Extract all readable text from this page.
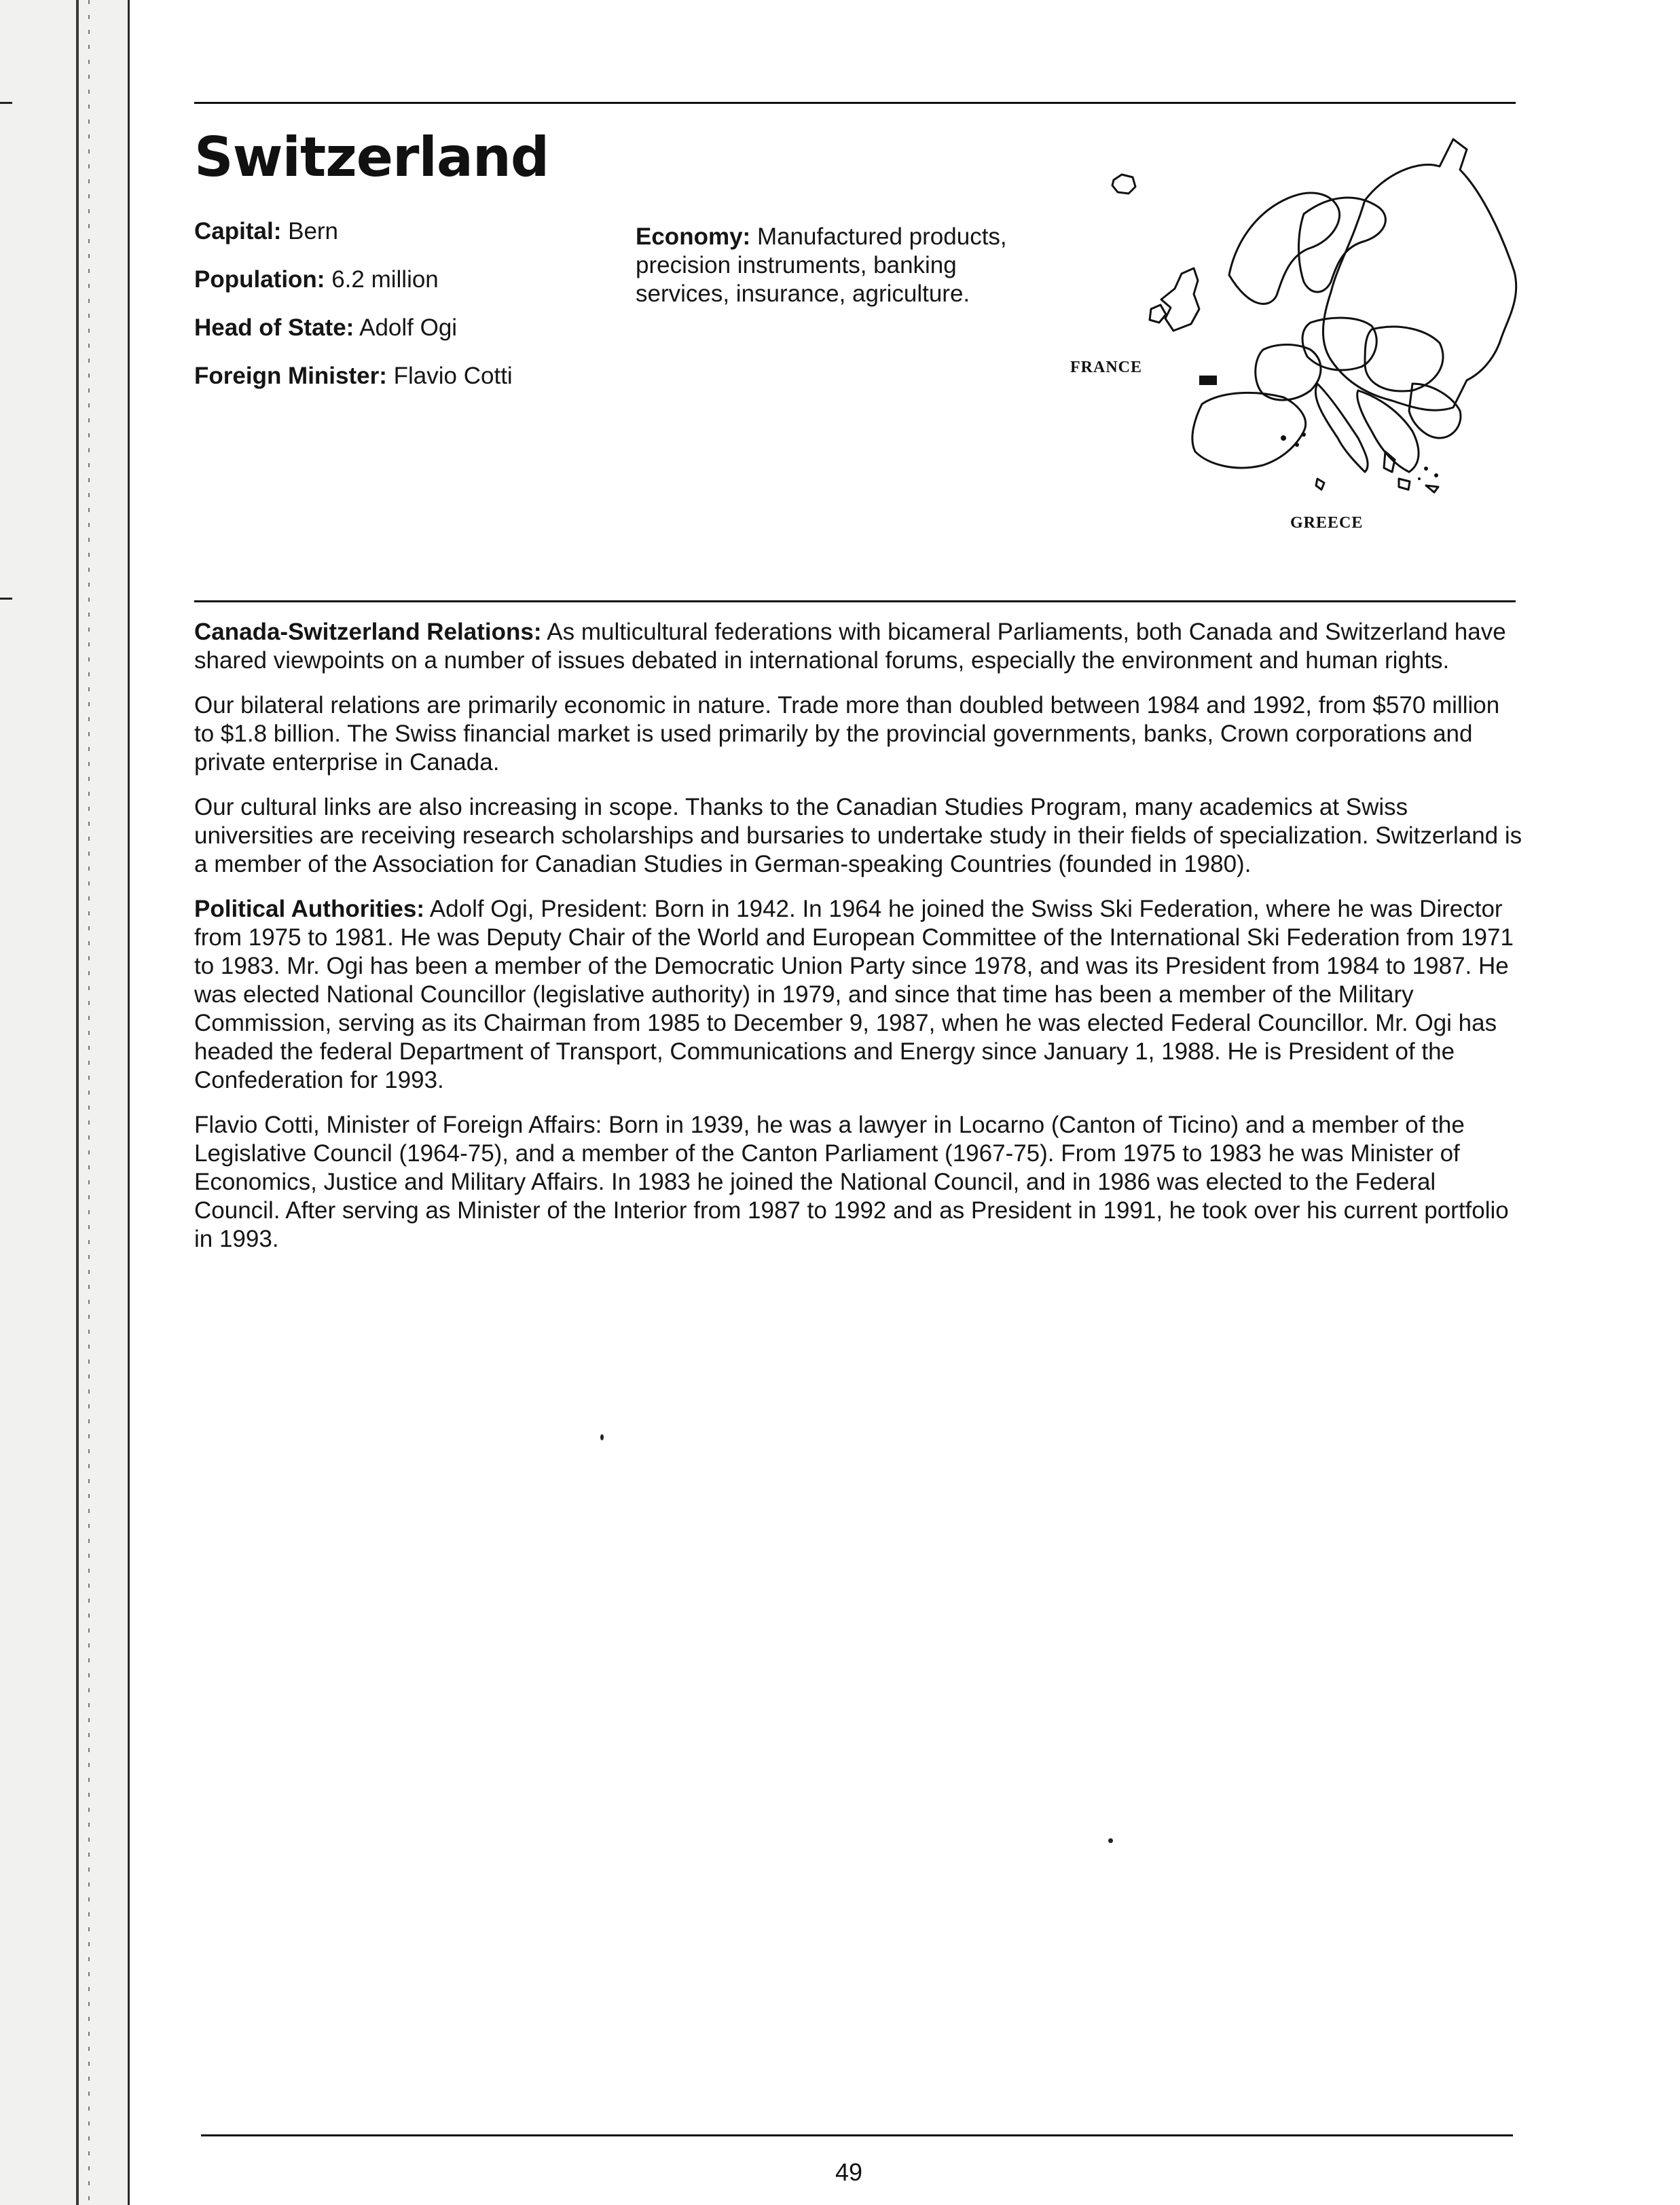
Switzerland

Capital: Bern

Population: 6.2 million

Head of State: Adolf Ogi

Foreign Minister: Flavio Cotti

Economy: Manufactured products, precision instruments, banking services, insurance, agriculture.

FRANCE
GREECE

Canada-Switzerland Relations: As multicultural federations with bicameral Parliaments, both Canada and Switzerland have shared viewpoints on a number of issues debated in international forums, especially the environment and human rights.

Our bilateral relations are primarily economic in nature. Trade more than doubled between 1984 and 1992, from $570 million to $1.8 billion. The Swiss financial market is used primarily by the provincial governments, banks, Crown corporations and private enterprise in Canada.

Our cultural links are also increasing in scope. Thanks to the Canadian Studies Program, many academics at Swiss universities are receiving research scholarships and bursaries to undertake study in their fields of specialization. Switzerland is a member of the Association for Canadian Studies in German-speaking Countries (founded in 1980).

Political Authorities: Adolf Ogi, President: Born in 1942. In 1964 he joined the Swiss Ski Federation, where he was Director from 1975 to 1981. He was Deputy Chair of the World and European Committee of the International Ski Federation from 1971 to 1983. Mr. Ogi has been a member of the Democratic Union Party since 1978, and was its President from 1984 to 1987. He was elected National Councillor (legislative authority) in 1979, and since that time has been a member of the Military Commission, serving as its Chairman from 1985 to December 9, 1987, when he was elected Federal Councillor. Mr. Ogi has headed the federal Department of Transport, Communications and Energy since January 1, 1988. He is President of the Confederation for 1993.

Flavio Cotti, Minister of Foreign Affairs: Born in 1939, he was a lawyer in Locarno (Canton of Ticino) and a member of the Legislative Council (1964-75), and a member of the Canton Parliament (1967-75). From 1975 to 1983 he was Minister of Economics, Justice and Military Affairs. In 1983 he joined the National Council, and in 1986 was elected to the Federal Council. After serving as Minister of the Interior from 1987 to 1992 and as President in 1991, he took over his current portfolio in 1993.

49
